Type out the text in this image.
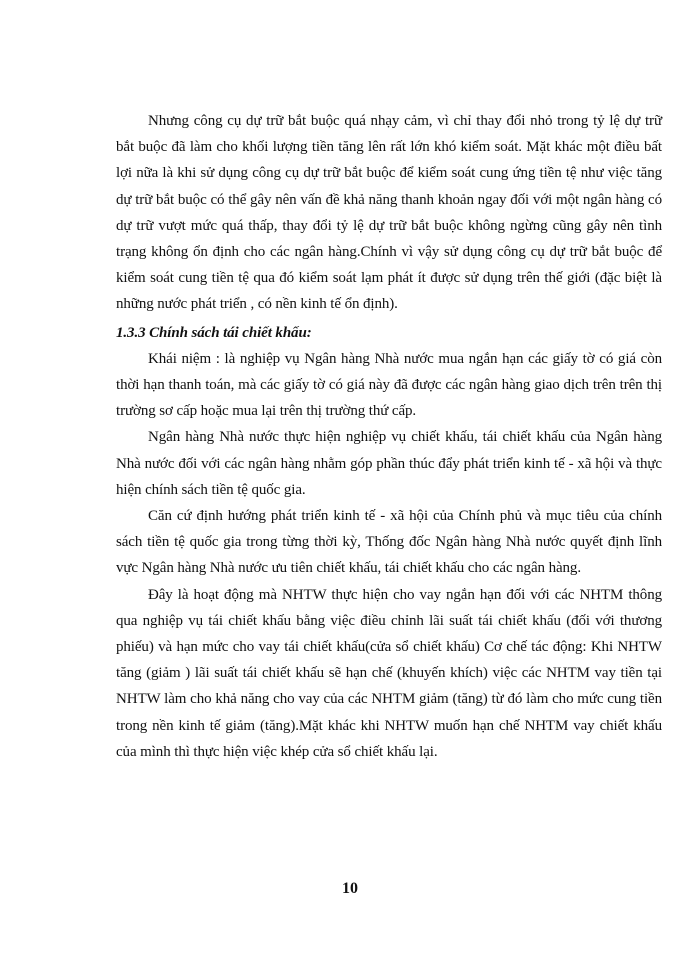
Nhưng công cụ dự trữ bắt buộc quá nhạy cảm, vì chỉ thay đổi nhỏ trong tỷ lệ dự trữ bắt buộc đã làm cho khối lượng tiền tăng lên rất lớn khó kiểm soát. Mặt khác một điều bất lợi nữa là khi sử dụng công cụ dự trữ bắt buộc để kiểm soát cung ứng tiền tệ như việc tăng dự trữ bắt buộc có thể gây nên vấn đề khả năng thanh khoản ngay đối với một ngân hàng có dự trữ vượt mức quá thấp, thay đổi tỷ lệ dự trữ bắt buộc không ngừng cũng gây nên tình trạng không ổn định cho các ngân hàng.Chính vì vậy sử dụng công cụ dự trữ bắt buộc để kiểm soát cung tiền tệ qua đó kiểm soát lạm phát ít được sử dụng trên thế giới (đặc biệt là những nước phát triển , có nền kinh tế ổn định).

1.3.3 Chính sách tái chiết khấu:

Khái niệm : là nghiệp vụ Ngân hàng Nhà nước mua ngắn hạn các giấy tờ có giá còn thời hạn thanh toán, mà các giấy tờ có giá này đã được các ngân hàng giao dịch trên trên thị trường sơ cấp hoặc mua lại trên thị trường thứ cấp.

Ngân hàng Nhà nước thực hiện nghiệp vụ chiết khấu, tái chiết khấu của Ngân hàng Nhà nước đối với các ngân hàng nhằm góp phần thúc đẩy phát triển kinh tế - xã hội và thực hiện chính sách tiền tệ quốc gia.

Căn cứ định hướng phát triển kinh tế - xã hội của Chính phủ và mục tiêu của chính sách tiền tệ quốc gia trong từng thời kỳ, Thống đốc Ngân hàng Nhà nước quyết định lĩnh vực Ngân hàng Nhà nước ưu tiên chiết khấu, tái chiết khấu cho các ngân hàng.

Đây là hoạt động mà NHTW thực hiện cho vay ngắn hạn đối với các NHTM thông qua nghiệp vụ tái chiết khấu bằng việc điều chỉnh lãi suất tái chiết khấu (đối với thương phiếu) và hạn mức cho vay tái chiết khấu(cửa sổ chiết khấu) Cơ chế tác động: Khi NHTW tăng (giảm ) lãi suất tái chiết khấu sẽ hạn chế (khuyến khích) việc các NHTM vay tiền tại NHTW làm cho khả năng cho vay của các NHTM giảm (tăng) từ đó làm cho mức cung tiền trong nền kinh tế giảm (tăng).Mặt khác khi NHTW muốn hạn chế NHTM vay chiết khấu của mình thì thực hiện việc khép cửa sổ chiết khấu lại.

10
